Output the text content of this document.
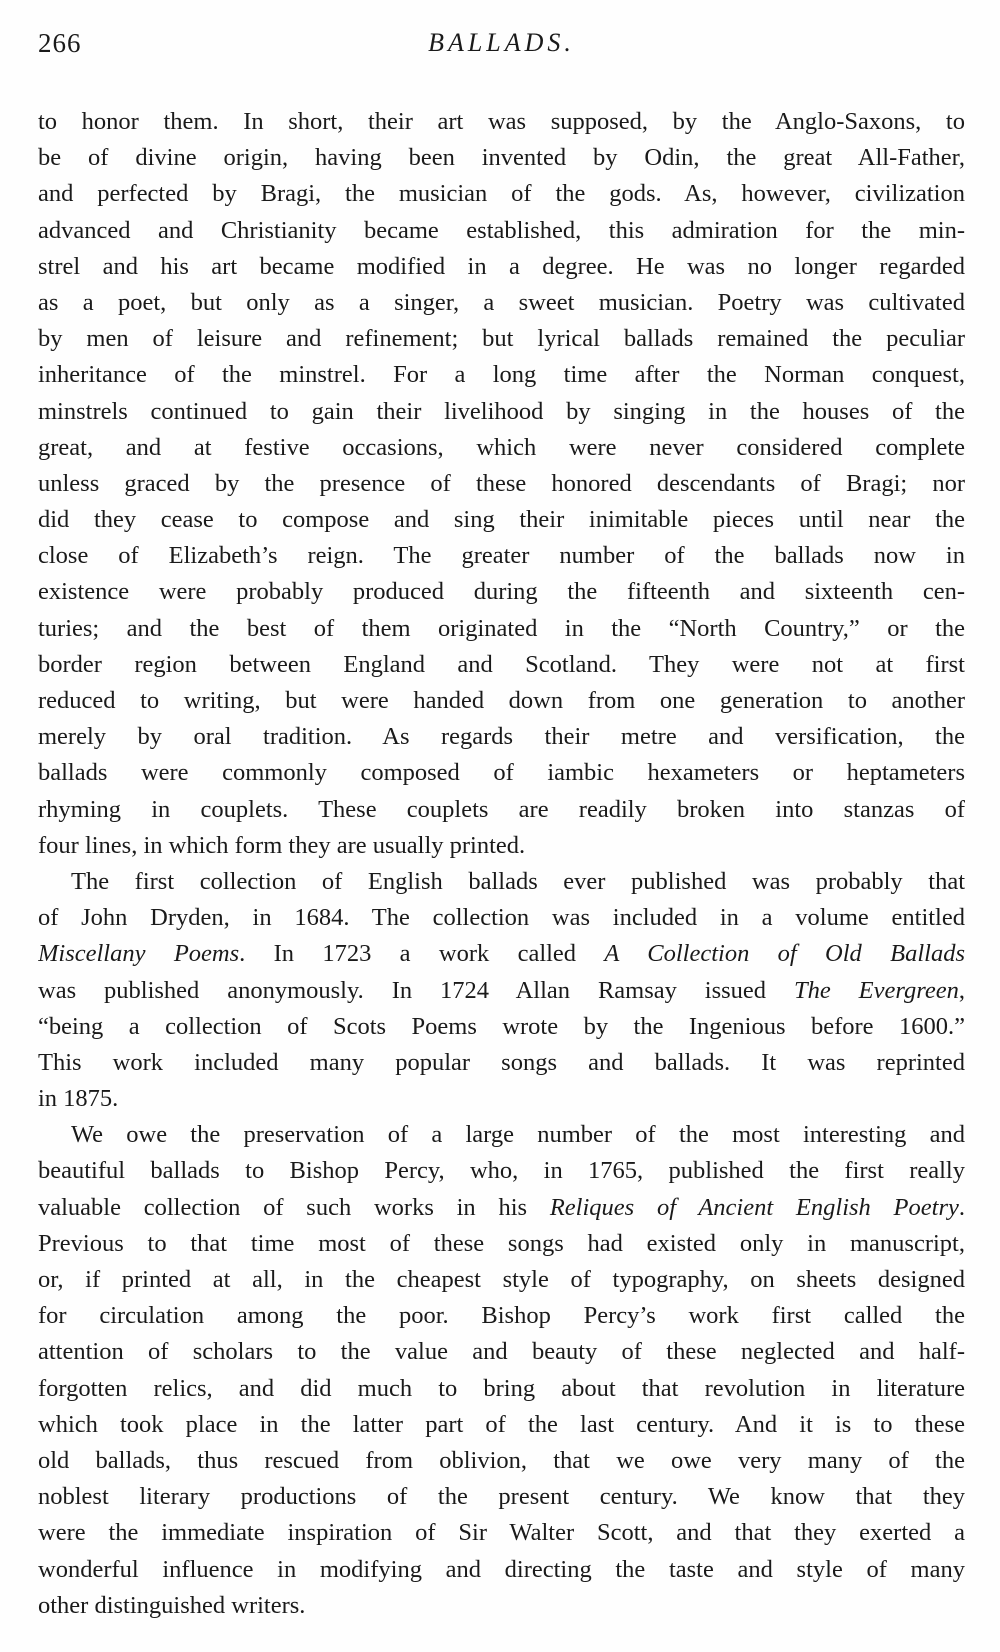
266	BALLADS.
to honor them. In short, their art was supposed, by the Anglo-Saxons, to
be of divine origin, having been invented by Odin, the great All-Father,
and perfected by Bragi, the musician of the gods. As, however, civilization
advanced and Christianity became established, this admiration for the min-
strel and his art became modified in a degree. He was no longer regarded
as a poet, but only as a singer, a sweet musician. Poetry was cultivated
by men of leisure and refinement; but lyrical ballads remained the peculiar
inheritance of the minstrel. For a long time after the Norman conquest,
minstrels continued to gain their livelihood by singing in the houses of the
great, and at festive occasions, which were never considered complete
unless graced by the presence of these honored descendants of Bragi; nor
did they cease to compose and sing their inimitable pieces until near the
close of Elizabeth’s reign. The greater number of the ballads now in
existence were probably produced during the fifteenth and sixteenth cen-
turies; and the best of them originated in the “North Country,” or the
border region between England and Scotland. They were not at first
reduced to writing, but were handed down from one generation to another
merely by oral tradition. As regards their metre and versification, the
ballads were commonly composed of iambic hexameters or heptameters
rhyming in couplets. These couplets are readily broken into stanzas of
four lines, in which form they are usually printed.
The first collection of English ballads ever published was probably that
of John Dryden, in 1684. The collection was included in a volume entitled
Miscellany Poems. In 1723 a work called A Collection of Old Ballads
was published anonymously. In 1724 Allan Ramsay issued The Evergreen,
“being a collection of Scots Poems wrote by the Ingenious before 1600.”
This work included many popular songs and ballads. It was reprinted
in 1875.
We owe the preservation of a large number of the most interesting and
beautiful ballads to Bishop Percy, who, in 1765, published the first really
valuable collection of such works in his Reliques of Ancient English Poetry.
Previous to that time most of these songs had existed only in manuscript,
or, if printed at all, in the cheapest style of typography, on sheets designed
for circulation among the poor. Bishop Percy’s work first called the
attention of scholars to the value and beauty of these neglected and half-
forgotten relics, and did much to bring about that revolution in literature
which took place in the latter part of the last century. And it is to these
old ballads, thus rescued from oblivion, that we owe very many of the
noblest literary productions of the present century. We know that they
were the immediate inspiration of Sir Walter Scott, and that they exerted a
wonderful influence in modifying and directing the taste and style of many
other distinguished writers.
